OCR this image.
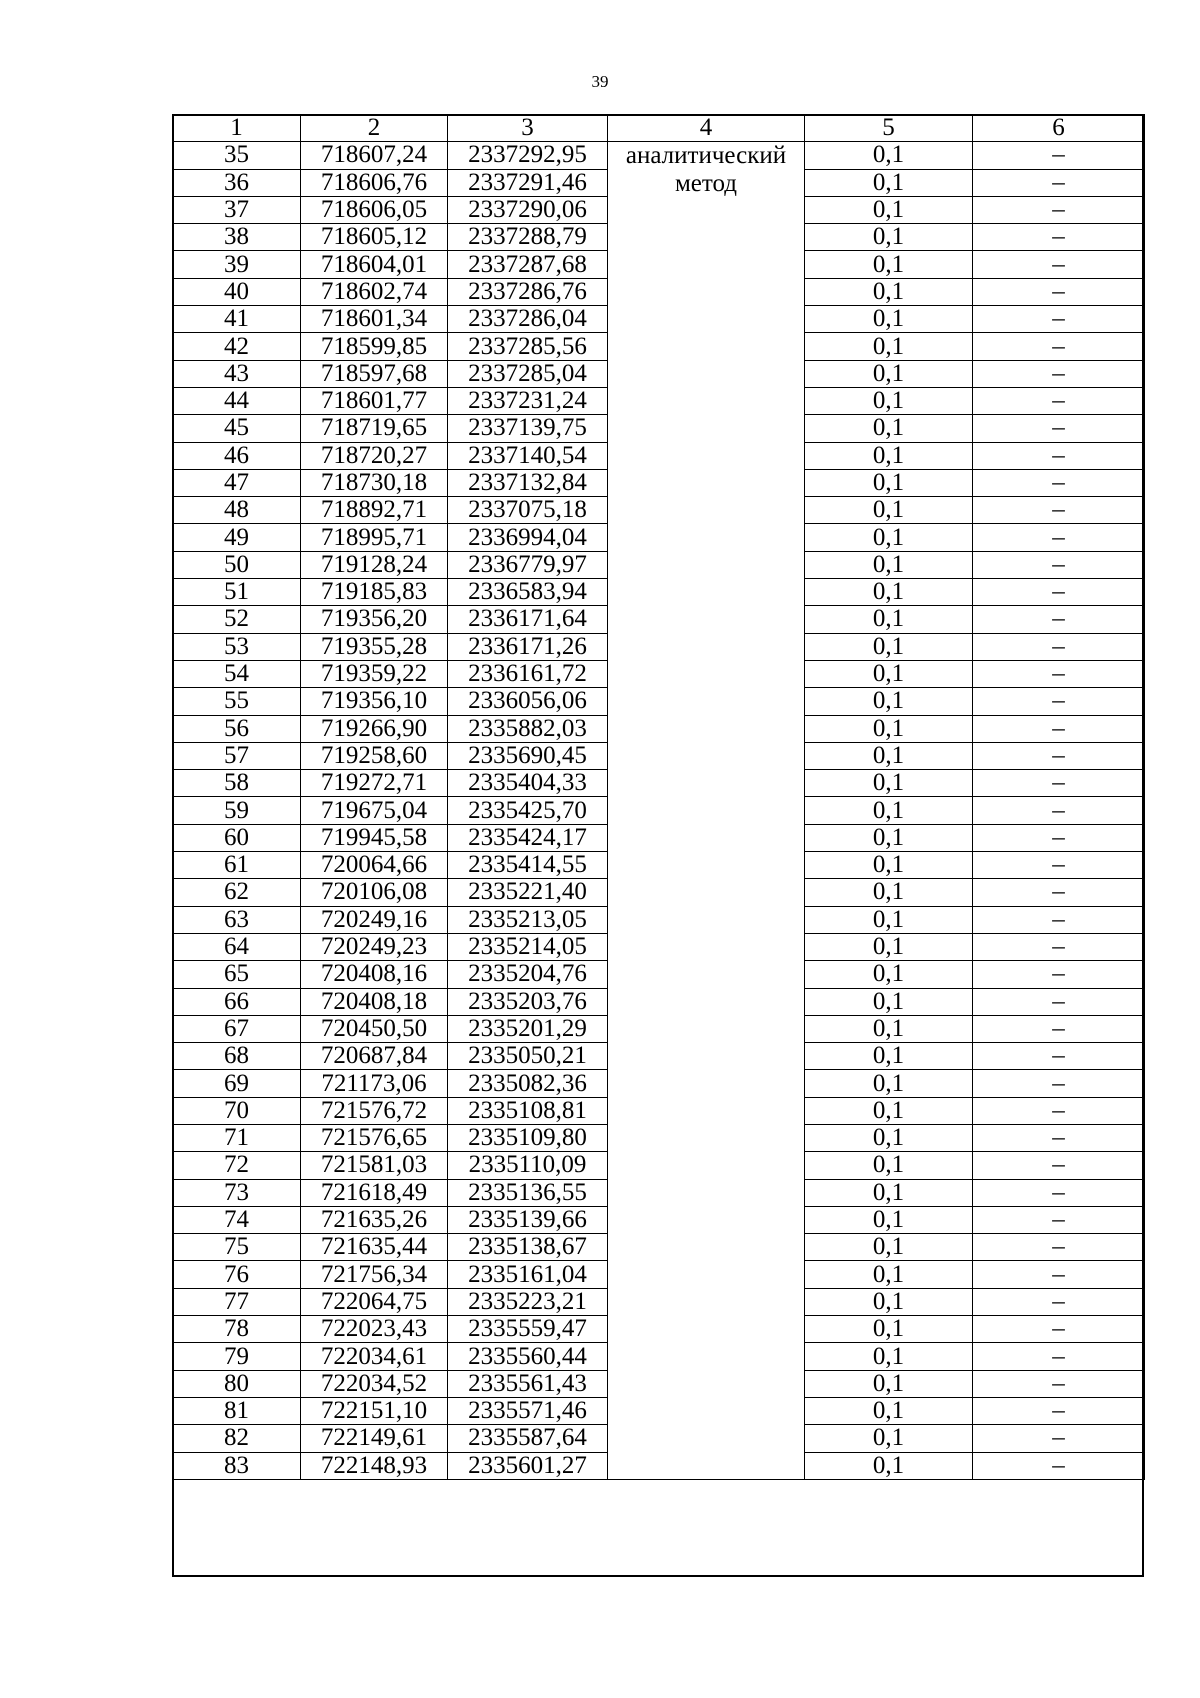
39
1	2	3	4	5	6
35	718607,24	2337292,95	аналитический метод	0,1	–
36	718606,76	2337291,46		0,1	–
37	718606,05	2337290,06		0,1	–
38	718605,12	2337288,79		0,1	–
39	718604,01	2337287,68		0,1	–
40	718602,74	2337286,76		0,1	–
41	718601,34	2337286,04		0,1	–
42	718599,85	2337285,56		0,1	–
43	718597,68	2337285,04		0,1	–
44	718601,77	2337231,24		0,1	–
45	718719,65	2337139,75		0,1	–
46	718720,27	2337140,54		0,1	–
47	718730,18	2337132,84		0,1	–
48	718892,71	2337075,18		0,1	–
49	718995,71	2336994,04		0,1	–
50	719128,24	2336779,97		0,1	–
51	719185,83	2336583,94		0,1	–
52	719356,20	2336171,64		0,1	–
53	719355,28	2336171,26		0,1	–
54	719359,22	2336161,72		0,1	–
55	719356,10	2336056,06		0,1	–
56	719266,90	2335882,03		0,1	–
57	719258,60	2335690,45		0,1	–
58	719272,71	2335404,33		0,1	–
59	719675,04	2335425,70		0,1	–
60	719945,58	2335424,17		0,1	–
61	720064,66	2335414,55		0,1	–
62	720106,08	2335221,40		0,1	–
63	720249,16	2335213,05		0,1	–
64	720249,23	2335214,05		0,1	–
65	720408,16	2335204,76		0,1	–
66	720408,18	2335203,76		0,1	–
67	720450,50	2335201,29		0,1	–
68	720687,84	2335050,21		0,1	–
69	721173,06	2335082,36		0,1	–
70	721576,72	2335108,81		0,1	–
71	721576,65	2335109,80		0,1	–
72	721581,03	2335110,09		0,1	–
73	721618,49	2335136,55		0,1	–
74	721635,26	2335139,66		0,1	–
75	721635,44	2335138,67		0,1	–
76	721756,34	2335161,04		0,1	–
77	722064,75	2335223,21		0,1	–
78	722023,43	2335559,47		0,1	–
79	722034,61	2335560,44		0,1	–
80	722034,52	2335561,43		0,1	–
81	722151,10	2335571,46		0,1	–
82	722149,61	2335587,64		0,1	–
83	722148,93	2335601,27		0,1	–
